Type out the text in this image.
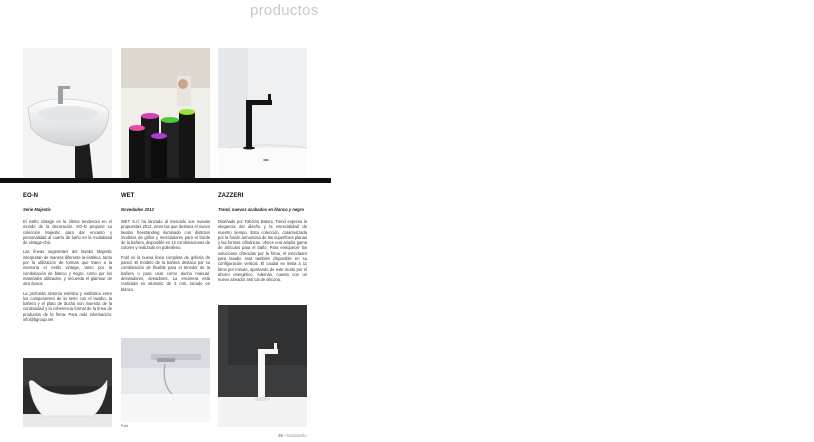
productos
EO-N
Serie Majestic

El estilo vintage es la última tendencia en el mundo de la decoración. EO-N propone su colección Majestic para dar encanto y personalidad al cuarto de baño en la modalidad de vintage-chic.

Las líneas sugerentes del lavabo Majestic interpretan de manera diferente la estética, tanto por la utilización de formas que traen a la memoria el estilo vintage, tanto por la combinación de blanco y negro, como por los materiales utilizados, y recuerda el glamour de otra época.

La profunda sintonía estética y estilística entre los componentes de la serie con el lavabo, la bañera y el plato de ducha son muestra de la continuidad y la coherencia formal de la línea de productos de la firma. Para más información: info@bgroup.net

WET
Novedades 2012

WET S.r.l ha lanzado al mercado sus nuevas propuestas 2012, entre las que destaca el nuevo lavabo freestanding iluminado con distintos modelos de grifos y mezcladores para el borde de la bañera, disponible en 12 combinaciones de colores y realizado en polietileno.

Fold es la nueva línea completa de grifería de pared. El modelo de la bañera destaca por su combinación de flexible para el tenedor de la bañera o para usar como ducha manual, desviadores, aireadores. La encimera está realizada en aluminio de 3 mm, lacado en blanco.

ZAZZERI
Trend, nuevos acabados en blanco y negro

Diseñado por Fabrizio Batoni, Trend expresa la elegancia del diseño y la esencialidad de nuestro tiempo. Esta colección, caracterizada por la fusión armoniosa de las superficies planas y las formas cilíndricas, ofrece una amplia gama de artículos para el baño. Para enriquecer las soluciones ofrecidas por la firma, el mezclador para lavabo está también disponible en su configuración vertical. El caudal se limita a 11 litros por minuto, aportando de este modo por el ahorro energético. Además, cuenta con un nuevo aireador anti cal de silicona.

Fold
35 • kasabaño
